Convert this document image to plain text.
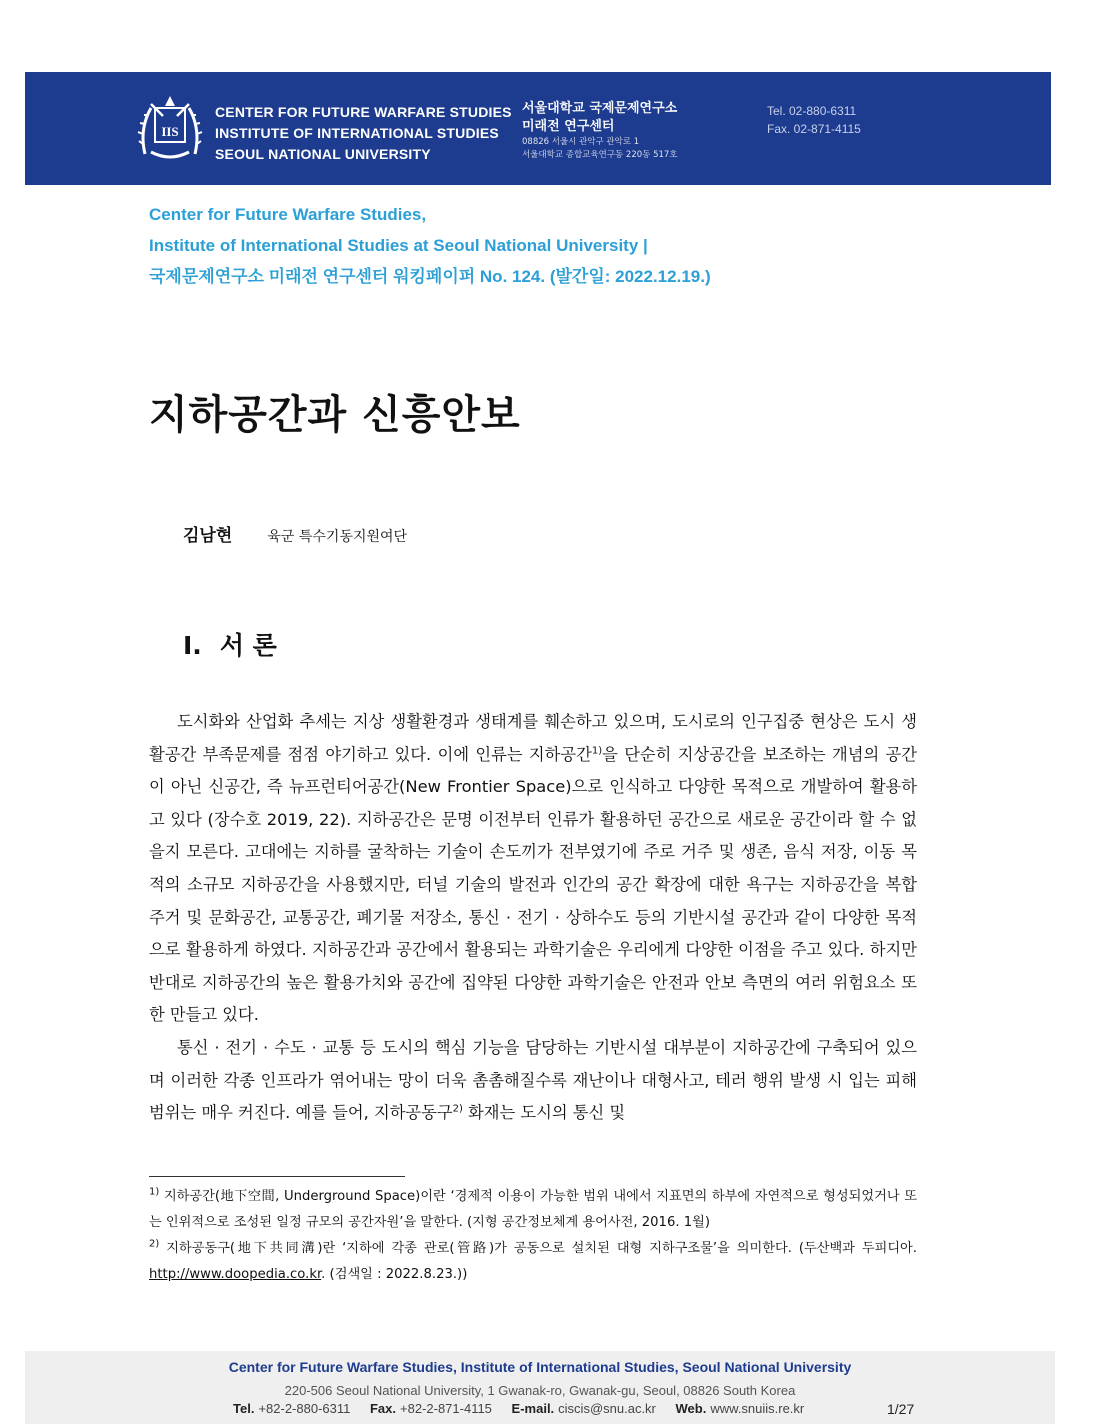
IIS
CENTER FOR FUTURE WARFARE STUDIES
INSTITUTE OF INTERNATIONAL STUDIES
SEOUL NATIONAL UNIVERSITY
서울대학교 국제문제연구소
미래전 연구센터
08826 서울시 관악구 관악로 1
서울대학교 종합교육연구동 220동 517호
Tel. 02-880-6311
Fax. 02-871-4115
Center for Future Warfare Studies,
Institute of International Studies at Seoul National University |
국제문제연구소 미래전 연구센터 워킹페이퍼 No. 124. (발간일: 2022.12.19.)
지하공간과 신흥안보
김남현	육군 특수기동지원여단
Ⅰ. 서 론

도시화와 산업화 추세는 지상 생활환경과 생태계를 훼손하고 있으며, 도시로의 인구집중 현상은 도시 생활공간 부족문제를 점점 야기하고 있다. 이에 인류는 지하공간$^{1)}$을 단순히 지상공간을 보조하는 개념의 공간이 아닌 신공간, 즉 뉴프런티어공간(New Frontier Space)으로 인식하고 다양한 목적으로 개발하여 활용하고 있다 (장수호 2019, 22). 지하공간은 문명 이전부터 인류가 활용하던 공간으로 새로운 공간이라 할 수 없을지 모른다. 고대에는 지하를 굴착하는 기술이 손도끼가 전부였기에 주로 거주 및 생존, 음식 저장, 이동 목적의 소규모 지하공간을 사용했지만, 터널 기술의 발전과 인간의 공간 확장에 대한 욕구는 지하공간을 복합 주거 및 문화공간, 교통공간, 폐기물 저장소, 통신 · 전기 · 상하수도 등의 기반시설 공간과 같이 다양한 목적으로 활용하게 하였다. 지하공간과 공간에서 활용되는 과학기술은 우리에게 다양한 이점을 주고 있다. 하지만 반대로 지하공간의 높은 활용가치와 공간에 집약된 다양한 과학기술은 안전과 안보 측면의 여러 위험요소 또한 만들고 있다.

통신 · 전기 · 수도 · 교통 등 도시의 핵심 기능을 담당하는 기반시설 대부분이 지하공간에 구축되어 있으며 이러한 각종 인프라가 엮어내는 망이 더욱 촘촘해질수록 재난이나 대형사고, 테러 행위 발생 시 입는 피해 범위는 매우 커진다. 예를 들어, 지하공동구$^{2)}$ 화재는 도시의 통신 및

$^{1)}$ 지하공간(地下空間, Underground Space)이란 ‘경제적 이용이 가능한 범위 내에서 지표면의 하부에 자연적으로 형성되었거나 또는 인위적으로 조성된 일정 규모의 공간자원’을 말한다. (지형 공간정보체계 용어사전, 2016. 1월)

$^{2)}$ 지하공동구(地下共同溝)란 ‘지하에 각종 관로(管路)가 공동으로 설치된 대형 지하구조물’을 의미한다. (두산백과 두피디아. http://www.doopedia.co.kr. (검색일 : 2022.8.23.))

Center for Future Warfare Studies, Institute of International Studies, Seoul National University
220-506 Seoul National University, 1 Gwanak-ro, Gwanak-gu, Seoul, 08826 South Korea
Tel. +82-2-880-6311 Fax. +82-2-871-4115 E-mail. ciscis@snu.ac.kr Web. www.snuiis.re.kr	1/27
